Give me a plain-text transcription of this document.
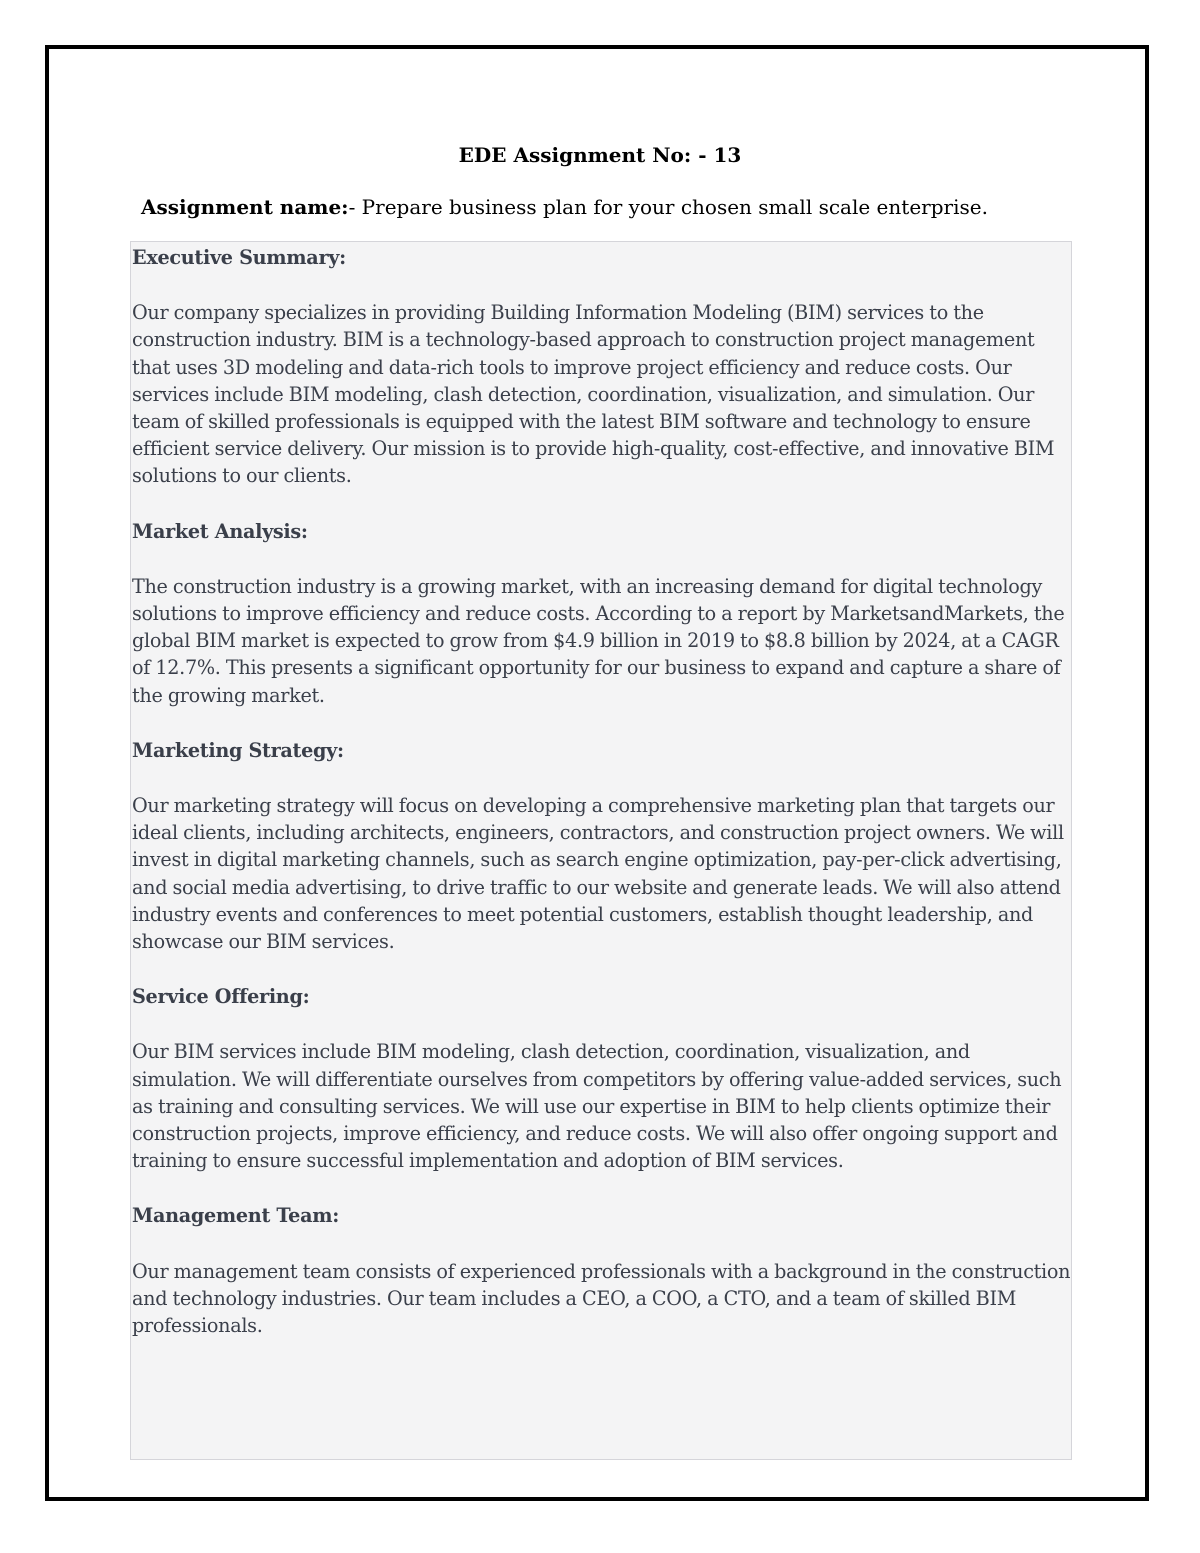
EDE Assignment No: - 13
Assignment name:- Prepare business plan for your chosen small scale enterprise.

Executive Summary:

Our company specializes in providing Building Information Modeling (BIM) services to the construction industry. BIM is a technology-based approach to construction project management that uses 3D modeling and data-rich tools to improve project efficiency and reduce costs. Our services include BIM modeling, clash detection, coordination, visualization, and simulation. Our team of skilled professionals is equipped with the latest BIM software and technology to ensure efficient service delivery. Our mission is to provide high-quality, cost-effective, and innovative BIM solutions to our clients.

Market Analysis:

The construction industry is a growing market, with an increasing demand for digital technology solutions to improve efficiency and reduce costs. According to a report by MarketsandMarkets, the global BIM market is expected to grow from $4.9 billion in 2019 to $8.8 billion by 2024, at a CAGR of 12.7%. This presents a significant opportunity for our business to expand and capture a share of the growing market.

Marketing Strategy:

Our marketing strategy will focus on developing a comprehensive marketing plan that targets our ideal clients, including architects, engineers, contractors, and construction project owners. We will invest in digital marketing channels, such as search engine optimization, pay-per-click advertising, and social media advertising, to drive traffic to our website and generate leads. We will also attend industry events and conferences to meet potential customers, establish thought leadership, and showcase our BIM services.

Service Offering:

Our BIM services include BIM modeling, clash detection, coordination, visualization, and simulation. We will differentiate ourselves from competitors by offering value-added services, such as training and consulting services. We will use our expertise in BIM to help clients optimize their construction projects, improve efficiency, and reduce costs. We will also offer ongoing support and training to ensure successful implementation and adoption of BIM services.

Management Team:

Our management team consists of experienced professionals with a background in the construction and technology industries. Our team includes a CEO, a COO, a CTO, and a team of skilled BIM professionals.
